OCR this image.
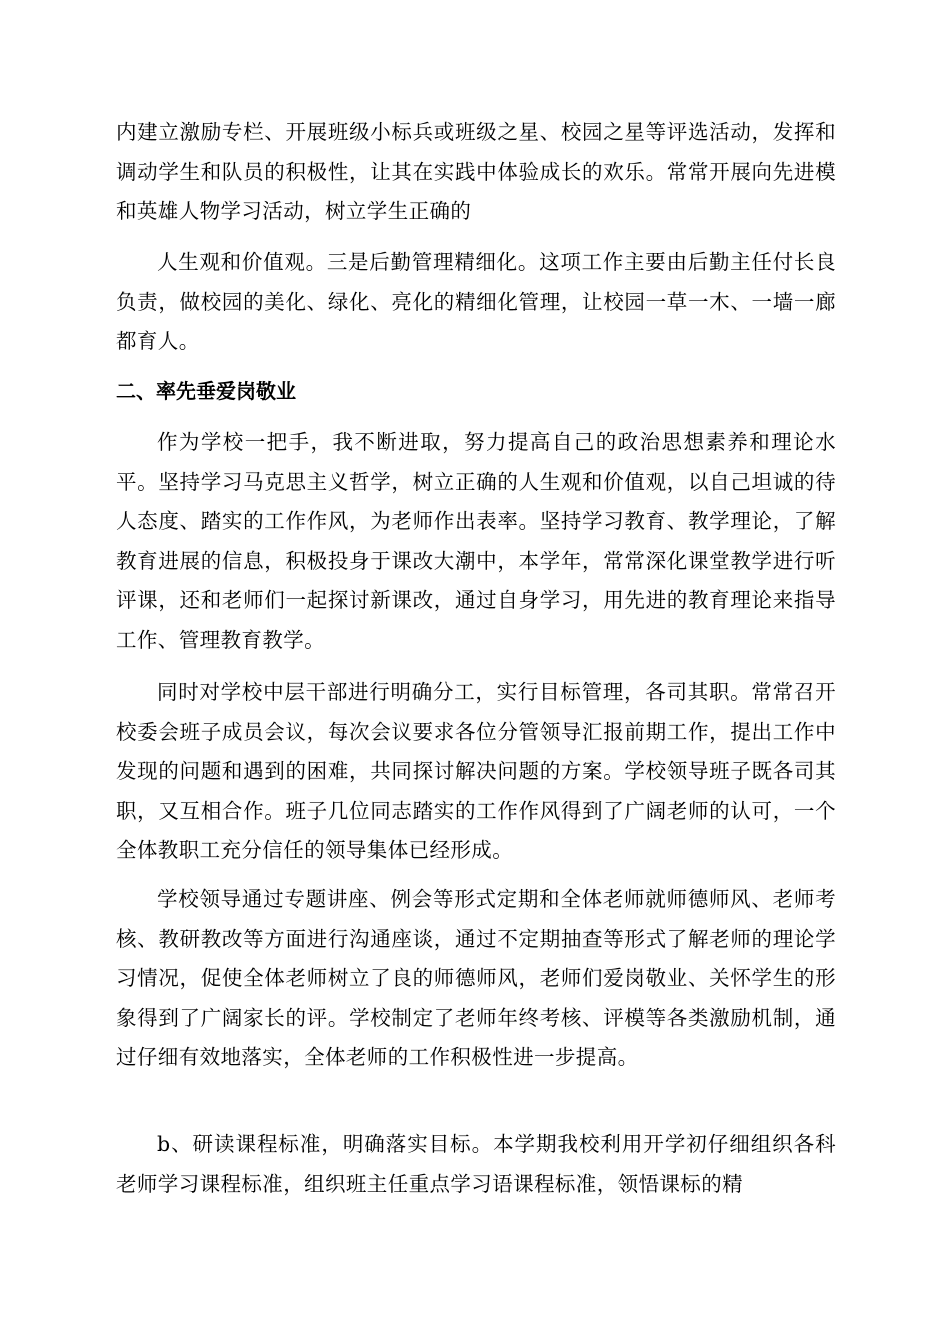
内建立激励专栏、开展班级小标兵或班级之星、校园之星等评选活动，发挥和调动学生和队员的积极性，让其在实践中体验成长的欢乐。常常开展向先进模和英雄人物学习活动，树立学生正确的

人生观和价值观。三是后勤管理精细化。这项工作主要由后勤主任付长良负责，做校园的美化、绿化、亮化的精细化管理，让校园一草一木、一墙一廊都育人。

二、率先垂爱岗敬业

作为学校一把手，我不断进取，努力提高自己的政治思想素养和理论水平。坚持学习马克思主义哲学，树立正确的人生观和价值观，以自己坦诚的待人态度、踏实的工作作风，为老师作出表率。坚持学习教育、教学理论，了解教育进展的信息，积极投身于课改大潮中，本学年，常常深化课堂教学进行听评课，还和老师们一起探讨新课改，通过自身学习，用先进的教育理论来指导工作、管理教育教学。

同时对学校中层干部进行明确分工，实行目标管理，各司其职。常常召开校委会班子成员会议，每次会议要求各位分管领导汇报前期工作，提出工作中发现的问题和遇到的困难，共同探讨解决问题的方案。学校领导班子既各司其职，又互相合作。班子几位同志踏实的工作作风得到了广阔老师的认可，一个全体教职工充分信任的领导集体已经形成。

学校领导通过专题讲座、例会等形式定期和全体老师就师德师风、老师考核、教研教改等方面进行沟通座谈，通过不定期抽查等形式了解老师的理论学习情况，促使全体老师树立了良的师德师风，老师们爱岗敬业、关怀学生的形象得到了广阔家长的评。学校制定了老师年终考核、评模等各类激励机制，通过仔细有效地落实，全体老师的工作积极性进一步提高。

b、研读课程标准，明确落实目标。本学期我校利用开学初仔细组织各科老师学习课程标准，组织班主任重点学习语课程标准，领悟课标的精
